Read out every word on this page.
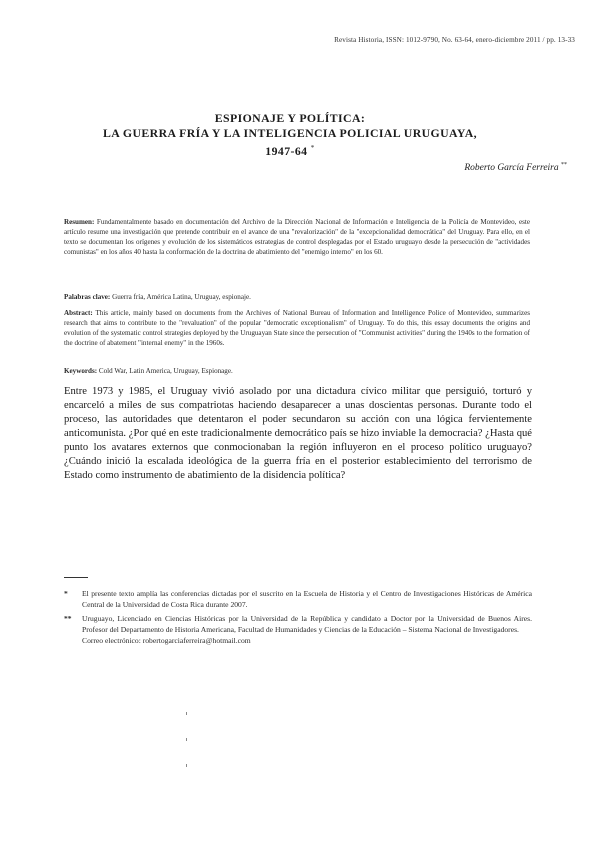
Revista Historia, ISSN: 1012-9790, No. 63-64, enero-diciembre 2011 / pp. 13-33
ESPIONAJE Y POLÍTICA:
LA GUERRA FRÍA Y LA INTELIGENCIA POLICIAL URUGUAYA,
1947-64 *
Roberto García Ferreira **
Resumen: Fundamentalmente basado en documentación del Archivo de la Dirección Nacional de Información e Inteligencia de la Policía de Montevideo, este artículo resume una investigación que pretende contribuir en el avance de una "revalorización" de la "excepcionalidad democrática" del Uruguay. Para ello, en el texto se documentan los orígenes y evolución de los sistemáticos estrategias de control desplegadas por el Estado uruguayo desde la persecución de "actividades comunistas" en los años 40 hasta la conformación de la doctrina de abatimiento del "enemigo interno" en los 60.
Palabras clave: Guerra fría, América Latina, Uruguay, espionaje.
Abstract: This article, mainly based on documents from the Archives of National Bureau of Information and Intelligence Police of Montevideo, summarizes research that aims to contribute to the "revaluation" of the popular "democratic exceptionalism" of Uruguay. To do this, this essay documents the origins and evolution of the systematic control strategies deployed by the Uruguayan State since the persecution of "Communist activities" during the 1940s to the formation of the doctrine of abatement "internal enemy" in the 1960s.
Keywords: Cold War, Latin America, Uruguay, Espionage.
Entre 1973 y 1985, el Uruguay vivió asolado por una dictadura cívico militar que persiguió, torturó y encarceló a miles de sus compatriotas haciendo desaparecer a unas doscientas personas. Durante todo el proceso, las autoridades que detentaron el poder secundaron su acción con una lógica fervientemente anticomunista. ¿Por qué en este tradicionalmente democrático país se hizo inviable la democracia? ¿Hasta qué punto los avatares externos que conmocionaban la región influyeron en el proceso político uruguayo? ¿Cuándo inició la escalada ideológica de la guerra fría en el posterior establecimiento del terrorismo de Estado como instrumento de abatimiento de la disidencia política?
* El presente texto amplía las conferencias dictadas por el suscrito en la Escuela de Historia y el Centro de Investigaciones Históricas de América Central de la Universidad de Costa Rica durante 2007.
** Uruguayo, Licenciado en Ciencias Históricas por la Universidad de la República y candidato a Doctor por la Universidad de Buenos Aires. Profesor del Departamento de Historia Americana, Facultad de Humanidades y Ciencias de la Educación – Sistema Nacional de Investigadores.
Correo electrónico: robertogarciaferreira@hotmail.com
